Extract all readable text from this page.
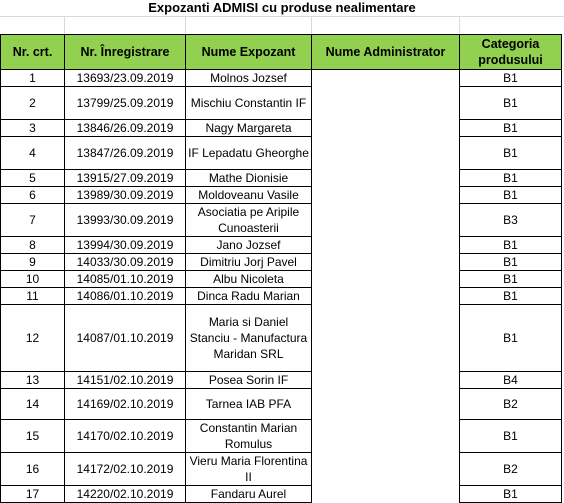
Expozanti ADMISI cu produse nealimentare
Nr. crt.	Nr. Înregistrare	Nume Expozant	Nume Administrator	Categoria produsului
1	13693/23.09.2019	Molnos Jozsef		B1
2	13799/25.09.2019	Mischiu Constantin IF		B1
3	13846/26.09.2019	Nagy Margareta		B1
4	13847/26.09.2019	IF Lepadatu Gheorghe		B1
5	13915/27.09.2019	Mathe Dionisie		B1
6	13989/30.09.2019	Moldoveanu Vasile		B1
7	13993/30.09.2019	Asociatia pe Aripile Cunoasterii		B3
8	13994/30.09.2019	Jano Jozsef		B1
9	14033/30.09.2019	Dimitriu Jorj Pavel		B1
10	14085/01.10.2019	Albu Nicoleta		B1
11	14086/01.10.2019	Dinca Radu Marian		B1
12	14087/01.10.2019	Maria si Daniel Stanciu - Manufactura Maridan SRL		B1
13	14151/02.10.2019	Posea Sorin IF		B4
14	14169/02.10.2019	Tarnea IAB PFA		B2
15	14170/02.10.2019	Constantin Marian Romulus		B1
16	14172/02.10.2019	Vieru Maria Florentina II		B2
17	14220/02.10.2019	Fandaru Aurel		B1
